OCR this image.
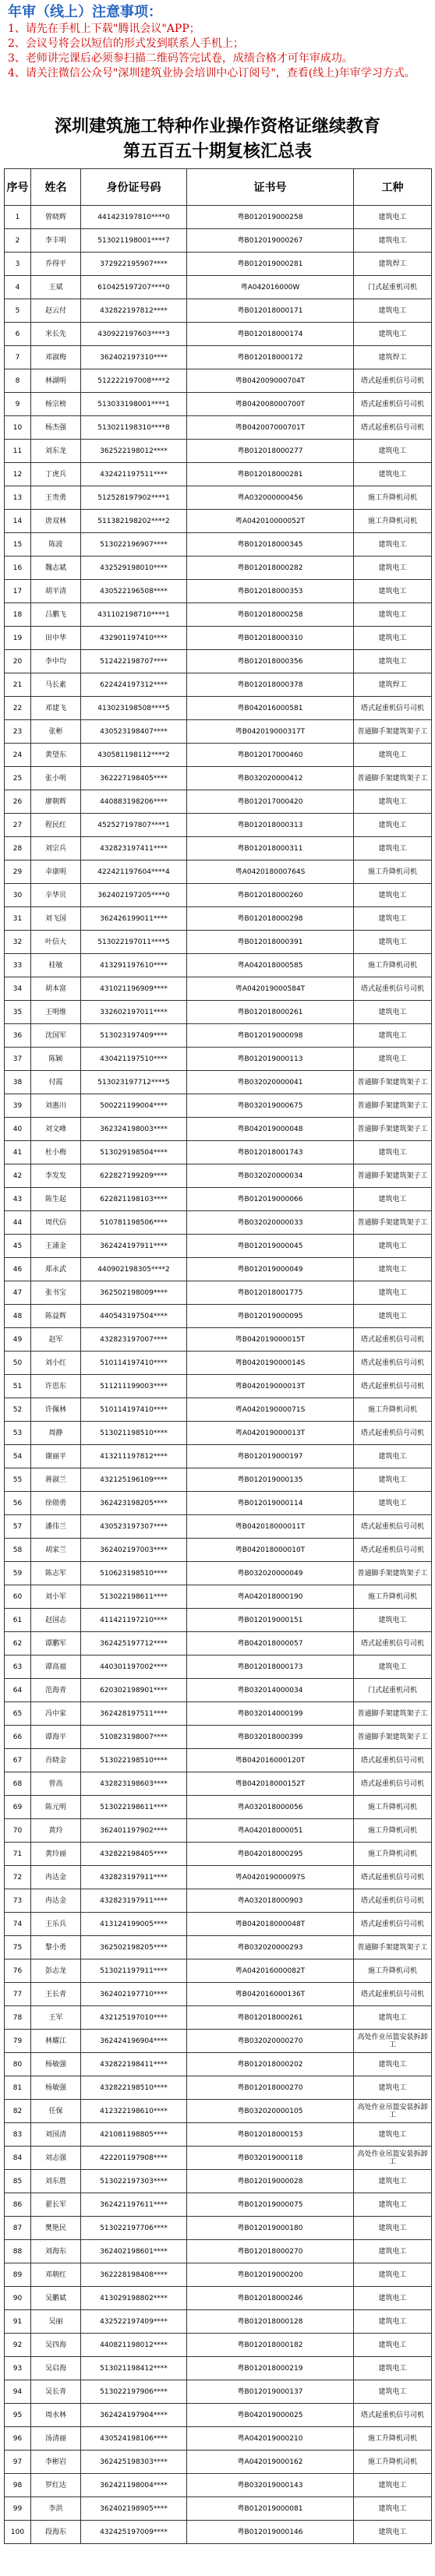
年审（线上）注意事项：
1、请先在手机上下载"腾讯会议"APP；
2、会议号将会以短信的形式发到联系人手机上；
3、老师讲完课后必须参扫描二维码答完试卷，成绩合格才可年审成功。
4、请关注微信公众号"深圳建筑业协会培训中心订阅号"，查看(线上)年审学习方式。
深圳建筑施工特种作业操作资格证继续教育
第五百五十期复核汇总表
序号	姓名	身份证号码	证书号	工种
1	曾晓辉	441423197810****0	粤B012019000258	建筑电工
2	李丰明	513021198001****7	粤B012019000267	建筑电工
3	乔得平	372922195907****	粤B012019000281	建筑焊工
4	王斌	610425197207****0	粤A042016000W	门式起重机司机
5	赵云付	432822197812****	粤B012018000171	建筑电工
6	米长先	430922197603****3	粤B012018000174	建筑电工
7	邓淑梅	362402197310****	粤B012018000172	建筑焊工
8	林湖明	512222197008****2	粤B042009000704T	塔式起重机信号司机
9	杨宗榜	513033198001****1	粤B042008000700T	塔式起重机信号司机
10	杨杰强	513021198310****8	粤B042007000701T	塔式起重机信号司机
11	刘东龙	362522198012****	粤B012018000277	建筑电工
12	丁虎兵	432421197511****	粤B012018000281	建筑电工
13	王贵勇	512528197902****1	粤A032000000456	施工升降机司机
14	唐双林	511382198202****2	粤A042010000052T	施工升降机司机
15	陈波	513022196907****	粤B012018000345	建筑电工
16	魏志斌	432529198010****	粤B012018000282	建筑电工
17	胡平清	430522196508****	粤B012018000353	建筑电工
18	吕鹏飞	431102198710****1	粤B012018000258	建筑电工
19	田中华	432901197410****	粤B012018000310	建筑电工
20	李中均	512422198707****	粤B012018000356	建筑电工
21	马长素	622424197312****	粤B012018000378	建筑焊工
22	邓建飞	413023198508****5	粤B042016000581	塔式起重机信号司机
23	张彬	430523198407****	粤B042019000317T	普通脚手架建筑架子工
24	黄望东	430581198112****2	粤B012017000460	建筑电工
25	张小明	362227198405****	粤B032020000412	普通脚手架建筑架子工
26	廖朝辉	440883198206****	粤B012017000420	建筑电工
27	程民红	452527197807****1	粤B012018000313	建筑电工
28	刘宗兵	432823197411****	粤B012018000311	建筑电工
29	幸康明	422421197604****4	粤A042018000764S	施工升降机司机
30	辛华贝	362402197205****0	粤B012018000260	建筑电工
31	刘飞国	362426199011****	粤B012018000298	建筑电工
32	叶信大	513022197011****5	粤B012018000391	建筑电工
33	桂敏	413291197610****	粤A042018000585	施工升降机司机
34	胡本富	431021196909****	粤A042019000584T	塔式起重机信号司机
35	王明维	332602197011****	粤B012018000261	建筑电工
36	沈国军	513023197409****	粤B012019000098	建筑电工
37	陈颖	430421197510****	粤B012019000113	建筑电工
38	付霞	513023197712****5	粤B032020000041	普通脚手架建筑架子工
39	刘惠川	500221199004****	粤B032019000675	普通脚手架建筑架子工
40	刘文峰	362324198003****	粤B042019000048	普通脚手架建筑架子工
41	杜小梅	513029198504****	粤B012018001743	建筑电工
42	李发发	622827199209****	粤B032020000034	普通脚手架建筑架子工
43	陈生起	622821198103****	粤B012019000066	建筑电工
44	周代信	510781198506****	粤B032020000033	普通脚手架建筑架子工
45	王浦金	362424197911****	粤B012019000045	建筑电工
46	郑永武	440902198305****2	粤B012019000049	建筑电工
47	张书宝	362502198009****	粤B012018001775	建筑电工
48	陈益辉	440543197504****	粤B012019000095	建筑电工
49	赵军	432823197007****	粤B042019000015T	塔式起重机信号司机
50	刘小红	510114197410****	粤B042019000014S	塔式起重机信号司机
51	许思东	511211199003****	粤B042019000013T	塔式起重机信号司机
52	许佩林	510114197410****	粤A042019000071S	施工升降机司机
53	周静	513021198510****	粤A042019000013T	塔式起重机信号司机
54	谢丽平	413211197812****	粤B012019000197	建筑电工
55	蒋淑兰	432125196109****	粤B012019000135	建筑电工
56	徐勋勇	362423198205****	粤B012019000114	建筑电工
57	潘伟兰	430523197307****	粤B042018000011T	塔式起重机信号司机
58	胡家兰	362402197003****	粤B042018000010T	塔式起重机信号司机
59	陈志军	510623198510****	粤B032020000049	普通脚手架建筑架子工
60	刘小军	513022198611****	粤A042018000190	施工升降机司机
61	赵国志	411421197210****	粤B012019000151	建筑电工
62	谭鹏军	362425197712****	粤B042018000057	塔式起重机信号司机
63	谭高福	440301197002****	粤B012018000173	建筑电工
64	范海青	620302198901****	粤B032014000034	门式起重机司机
65	冯中家	362428197511****	粤B032014000199	普通脚手架建筑架子工
66	谭海平	510823198007****	粤B032018000399	普通脚手架建筑架子工
67	肖晓金	513022198510****	粤B042016000120T	塔式起重机信号司机
68	曾高	432823198603****	粤B042018000152T	塔式起重机信号司机
69	陈元明	513022198611****	粤A032018000056	施工升降机司机
70	黄玲	362401197902****	粤A042018000051	施工升降机司机
71	黄玲丽	432822198405****	粤B042018000295	施工升降机司机
72	冉达金	432823197911****	粤A042019000097S	塔式起重机信号司机
73	冉达金	432823197911****	粤A032018000903	塔式起重机信号司机
74	王乐兵	413124199005****	粤B042018000048T	塔式起重机信号司机
75	黎小勇	362502198205****	粤B032020000293	普通脚手架建筑架子工
76	彭志龙	513021197911****	粤A042016000082T	施工升降机司机
77	王长青	362402197710****	粤B042016000136T	塔式起重机信号司机
78	王军	432125197010****	粤B012018000261	建筑电工
79	林耀江	362424196904****	粤B032020000270	高处作业吊篮安装拆卸工
80	杨敏强	432822198411****	粤B012018000202	建筑电工
81	杨敏强	432822198510****	粤B012018000270	建筑电工
82	任保	412322198610****	粤B032020000105	高处作业吊篮安装拆卸工
83	刘国清	421081198805****	粤B012018000153	建筑电工
84	刘志强	422201197908****	粤B032019000118	高处作业吊篮安装拆卸工
85	刘东胜	513022197303****	粤B012019000028	建筑电工
86	翟长军	362421197611****	粤B012019000075	建筑电工
87	樊艳民	513022197706****	粤B012019000180	建筑电工
88	刘海东	362402198601****	粤B012018000270	建筑电工
89	邓朝红	362228198408****	粤B012019000200	建筑电工
90	吴鹏斌	413029198802****	粤B012018000246	建筑电工
91	吴丽	432522197409****	粤B012018000128	建筑电工
92	吴四海	440821198012****	粤B012018000182	建筑电工
93	吴启海	513021198412****	粤B012018000219	建筑电工
94	吴长青	513022197906****	粤B012019000137	建筑电工
95	周水林	362424197904****	粤B042019000025	塔式起重机信号司机
96	汤清丽	430524198106****	粤A042019000210	施工升降机司机
97	李彬岩	362425198303****	粤A042019000162	施工升降机司机
98	罗红达	362421198004****	粤B032019000143	建筑电工
99	李洪	362402198905****	粤B012019000081	建筑电工
100	段海东	432425197009****	粤B012019000146	建筑电工
